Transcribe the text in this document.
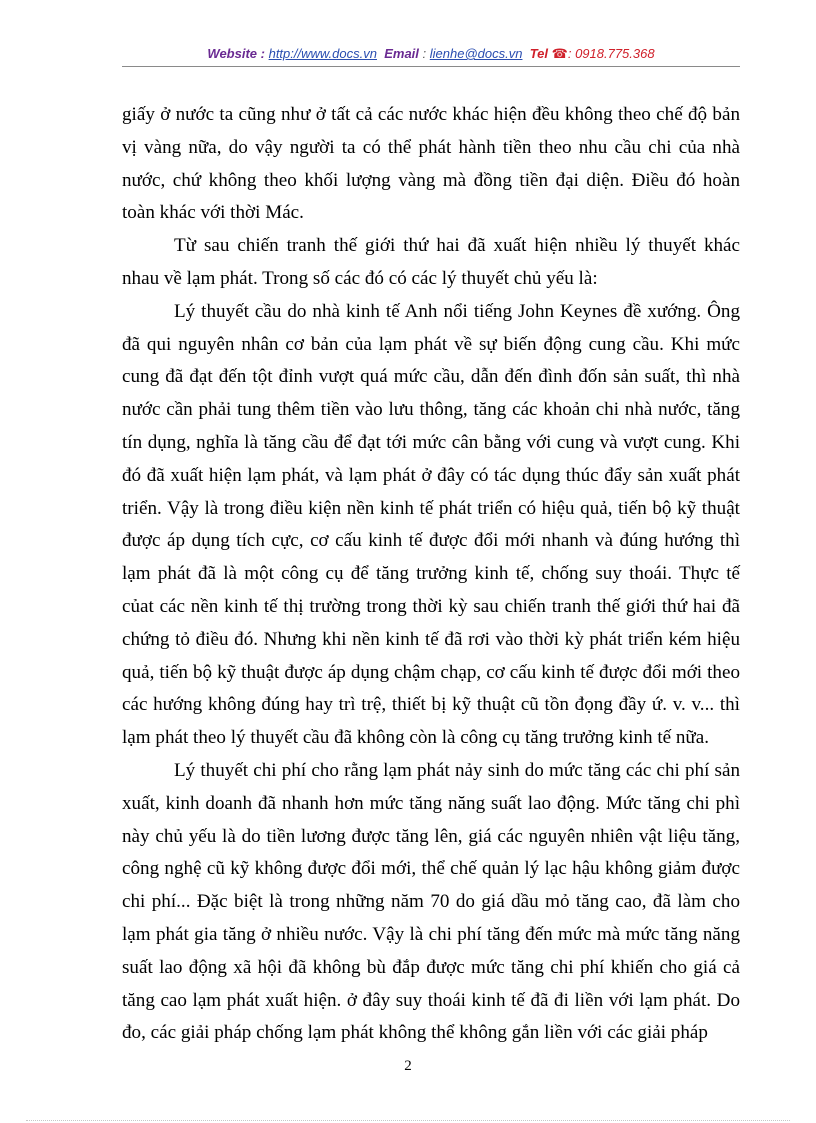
Website : http://www.docs.vn Email : lienhe@docs.vn Tel ☎: 0918.775.368
giấy ở nước ta cũng như ở tất cả các nước khác hiện đều không theo chế độ bản
vị vàng nữa, do vậy người ta có thể phát hành tiền theo nhu cầu chi của nhà
nước, chứ không theo khối lượng vàng mà đồng tiền đại diện. Điều đó hoàn
toàn khác với thời Mác.
Từ sau chiến tranh thế giới thứ hai đã xuất hiện nhiều lý thuyết khác
nhau về lạm phát. Trong số các đó có các lý thuyết chủ yếu là:
Lý thuyết cầu do nhà kinh tế Anh nổi tiếng John Keynes đề xướng. Ông
đã qui nguyên nhân cơ bản của lạm phát về sự biến động cung cầu. Khi mức
cung đã đạt đến tột đỉnh vượt quá mức cầu, dẫn đến đình đốn sản suất, thì nhà
nước cần phải tung thêm tiền vào lưu thông, tăng các khoản chi nhà nước, tăng
tín dụng, nghĩa là tăng cầu để đạt tới mức cân bằng với cung và vượt cung. Khi
đó đã xuất hiện lạm phát, và lạm phát ở đây có tác dụng thúc đẩy sản xuất phát
triển. Vậy là trong điều kiện nền kinh tế phát triển có hiệu quả, tiến bộ kỹ thuật
được áp dụng tích cực, cơ cấu kinh tế được đổi mới nhanh và đúng hướng thì
lạm phát đã là một công cụ để tăng trưởng kinh tế, chống suy thoái. Thực tế
củat các nền kinh tế thị trường trong thời kỳ sau chiến tranh thế giới thứ hai đã
chứng tỏ điều đó. Nhưng khi nền kinh tế đã rơi vào thời kỳ phát triển kém hiệu
quả, tiến bộ kỹ thuật được áp dụng chậm chạp, cơ cấu kinh tế được đổi mới theo
các hướng không đúng hay trì trệ, thiết bị kỹ thuật cũ tồn đọng đầy ứ. v. v... thì
lạm phát theo lý thuyết cầu đã không còn là công cụ tăng trưởng kinh tế nữa.
Lý thuyết chi phí cho rằng lạm phát nảy sinh do mức tăng các chi phí sản
xuất, kinh doanh đã nhanh hơn mức tăng năng suất lao động. Mức tăng chi phì
này chủ yếu là do tiền lương được tăng lên, giá các nguyên nhiên vật liệu tăng,
công nghệ cũ kỹ không được đổi mới, thể chế quản lý lạc hậu không giảm được
chi phí... Đặc biệt là trong những năm 70 do giá dầu mỏ tăng cao, đã làm cho
lạm phát gia tăng ở nhiều nước. Vậy là chi phí tăng đến mức mà mức tăng năng
suất lao động xã hội đã không bù đắp được mức tăng chi phí khiến cho giá cả
tăng cao lạm phát xuất hiện. ở đây suy thoái kinh tế đã đi liền với lạm phát. Do
đo, các giải pháp chống lạm phát không thể không gắn liền với các giải pháp
2
